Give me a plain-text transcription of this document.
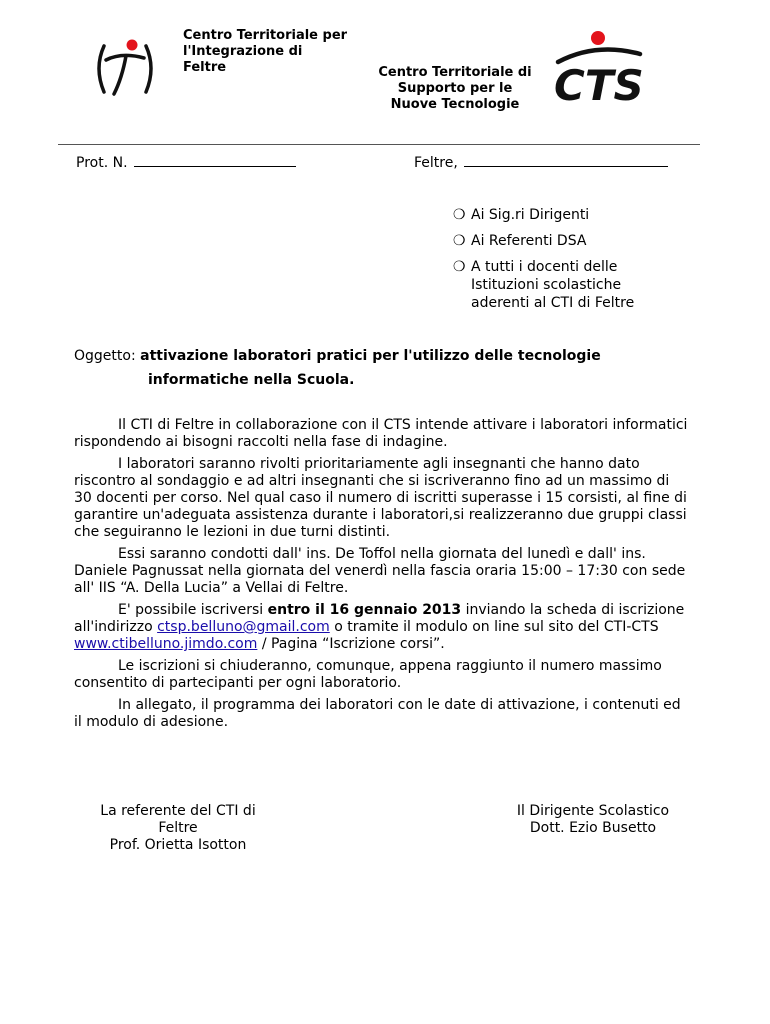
Centro Territoriale per
l'Integrazione di
Feltre	Centro Territoriale di
Supporto per le
Nuove Tecnologie CTS
Prot. N.	Feltre,
❍ Ai Sig.ri Dirigenti
❍ Ai Referenti DSA
❍ A tutti i docenti delle Istituzioni scolastiche aderenti al CTI di Feltre
Oggetto: attivazione laboratori pratici per l'utilizzo delle tecnologie
informatiche nella Scuola.

Il CTI di Feltre in collaborazione con il CTS intende attivare i laboratori informatici rispondendo ai bisogni raccolti nella fase di indagine.

I laboratori saranno rivolti prioritariamente agli insegnanti che hanno dato riscontro al sondaggio e ad altri insegnanti che si iscriveranno fino ad un massimo di 30 docenti per corso. Nel qual caso il numero di iscritti superasse i 15 corsisti, al fine di garantire un'adeguata assistenza durante i laboratori,si realizzeranno due gruppi classi che seguiranno le lezioni in due turni distinti.

Essi saranno condotti dall' ins. De Toffol nella giornata del lunedì e dall' ins. Daniele Pagnussat nella giornata del venerdì nella fascia oraria 15:00 – 17:30 con sede all' IIS “A. Della Lucia” a Vellai di Feltre.

E' possibile iscriversi entro il 16 gennaio 2013 inviando la scheda di iscrizione all'indirizzo ctsp.belluno@gmail.com o tramite il modulo on line sul sito del CTI-CTS www.ctibelluno.jimdo.com / Pagina “Iscrizione corsi”.

Le iscrizioni si chiuderanno, comunque, appena raggiunto il numero massimo consentito di partecipanti per ogni laboratorio.

In allegato, il programma dei laboratori con le date di attivazione, i contenuti ed il modulo di adesione.

La referente del CTI di
Feltre
Prof. Orietta Isotton
Il Dirigente Scolastico
Dott. Ezio Busetto
